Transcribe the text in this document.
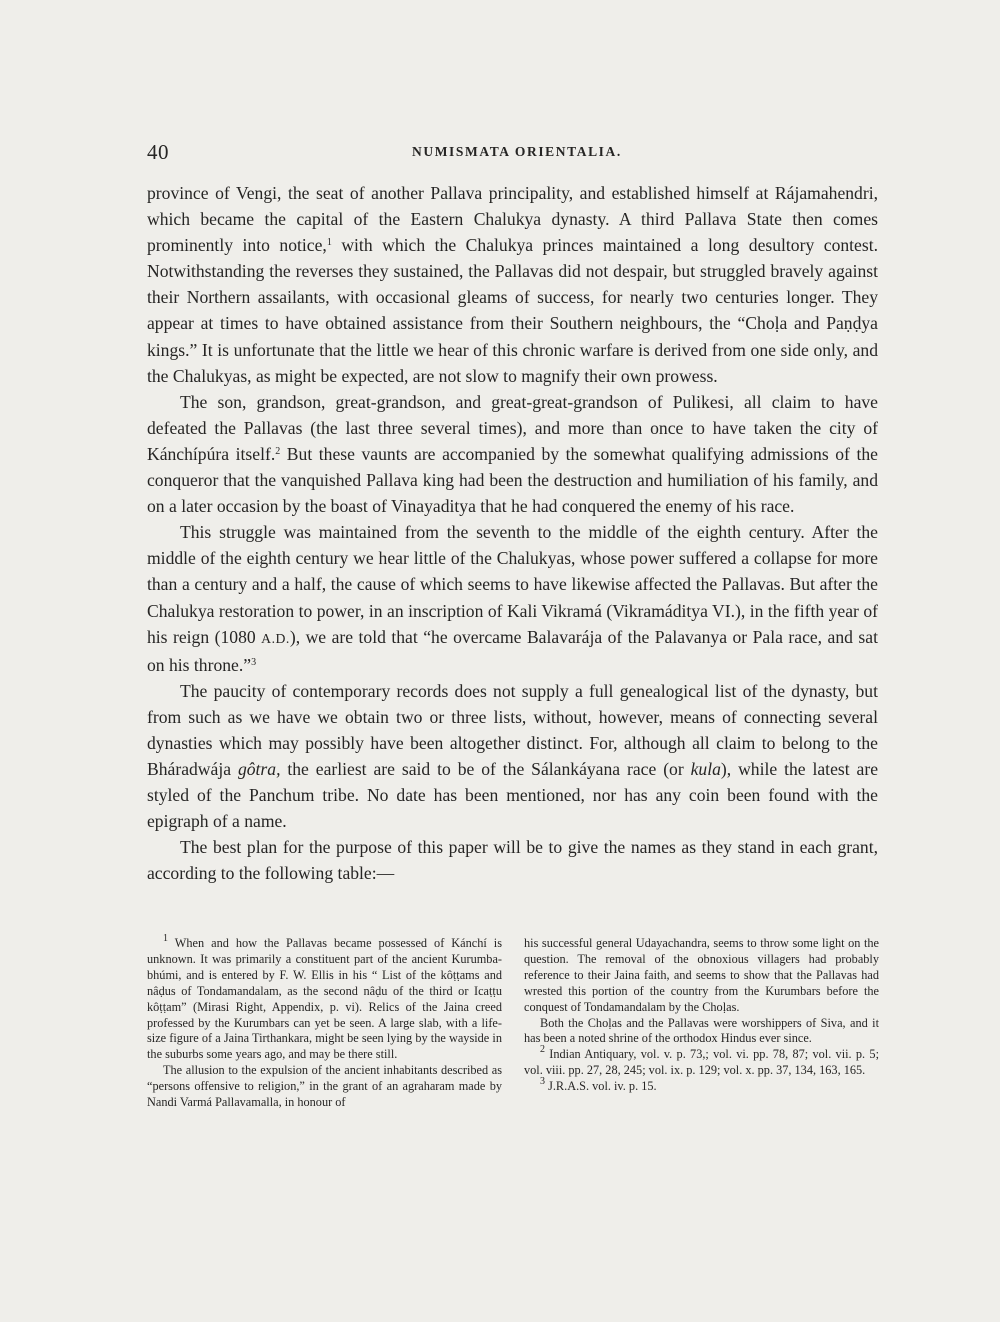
40	NUMISMATA ORIENTALIA.

province of Vengi, the seat of another Pallava principality, and established himself at Rájamahendri, which became the capital of the Eastern Chalukya dynasty. A third Pallava State then comes prominently into notice,$^1$ with which the Chalukya princes maintained a long desultory contest. Notwithstanding the reverses they sustained, the Pallavas did not despair, but struggled bravely against their Northern assailants, with occasional gleams of success, for nearly two centuries longer. They appear at times to have obtained assistance from their Southern neighbours, the “Choḷa and Paṇḍya kings.” It is unfortunate that the little we hear of this chronic warfare is derived from one side only, and the Chalukyas, as might be expected, are not slow to magnify their own prowess.

The son, grandson, great-grandson, and great-great-grandson of Pulikesi, all claim to have defeated the Pallavas (the last three several times), and more than once to have taken the city of Kánchípúra itself.$^2$ But these vaunts are accompanied by the somewhat qualifying admissions of the conqueror that the vanquished Pallava king had been the destruction and humiliation of his family, and on a later occasion by the boast of Vinayaditya that he had conquered the enemy of his race.

This struggle was maintained from the seventh to the middle of the eighth century. After the middle of the eighth century we hear little of the Chalukyas, whose power suffered a collapse for more than a century and a half, the cause of which seems to have likewise affected the Pallavas. But after the Chalukya restoration to power, in an inscription of Kali Vikramá (Vikramáditya VI.), in the fifth year of his reign (1080 A.D.), we are told that “he overcame Balavarája of the Palavanya or Pala race, and sat on his throne.”$^3$

The paucity of contemporary records does not supply a full genealogical list of the dynasty, but from such as we have we obtain two or three lists, without, however, means of connecting several dynasties which may possibly have been altogether distinct. For, although all claim to belong to the Bháradwája gôtra, the earliest are said to be of the Sálankáyana race (or kula), while the latest are styled of the Panchum tribe. No date has been mentioned, nor has any coin been found with the epigraph of a name.

The best plan for the purpose of this paper will be to give the names as they stand in each grant, according to the following table:—

$^1$ When and how the Pallavas became possessed of Kánchí is unknown. It was primarily a constituent part of the ancient Kurumba-bhúmi, and is entered by F. W. Ellis in his “ List of the kôṭṭams and nâḍus of Tondamandalam, as the second nâḍu of the third or Icaṭṭu kôṭṭam” (Mirasi Right, Appendix, p. vi). Relics of the Jaina creed professed by the Kurumbars can yet be seen. A large slab, with a life-size figure of a Jaina Tirthankara, might be seen lying by the wayside in the suburbs some years ago, and may be there still.

The allusion to the expulsion of the ancient inhabitants described as “persons offensive to religion,” in the grant of an agraharam made by Nandi Varmá Pallavamalla, in honour of

his successful general Udayachandra, seems to throw some light on the question. The removal of the obnoxious villagers had probably reference to their Jaina faith, and seems to show that the Pallavas had wrested this portion of the country from the Kurumbars before the conquest of Tondamandalam by the Choḷas.

Both the Choḷas and the Pallavas were worshippers of Siva, and it has been a noted shrine of the orthodox Hindus ever since.

$^2$ Indian Antiquary, vol. v. p. 73,; vol. vi. pp. 78, 87; vol. vii. p. 5; vol. viii. pp. 27, 28, 245; vol. ix. p. 129; vol. x. pp. 37, 134, 163, 165.

$^3$ J.R.A.S. vol. iv. p. 15.
